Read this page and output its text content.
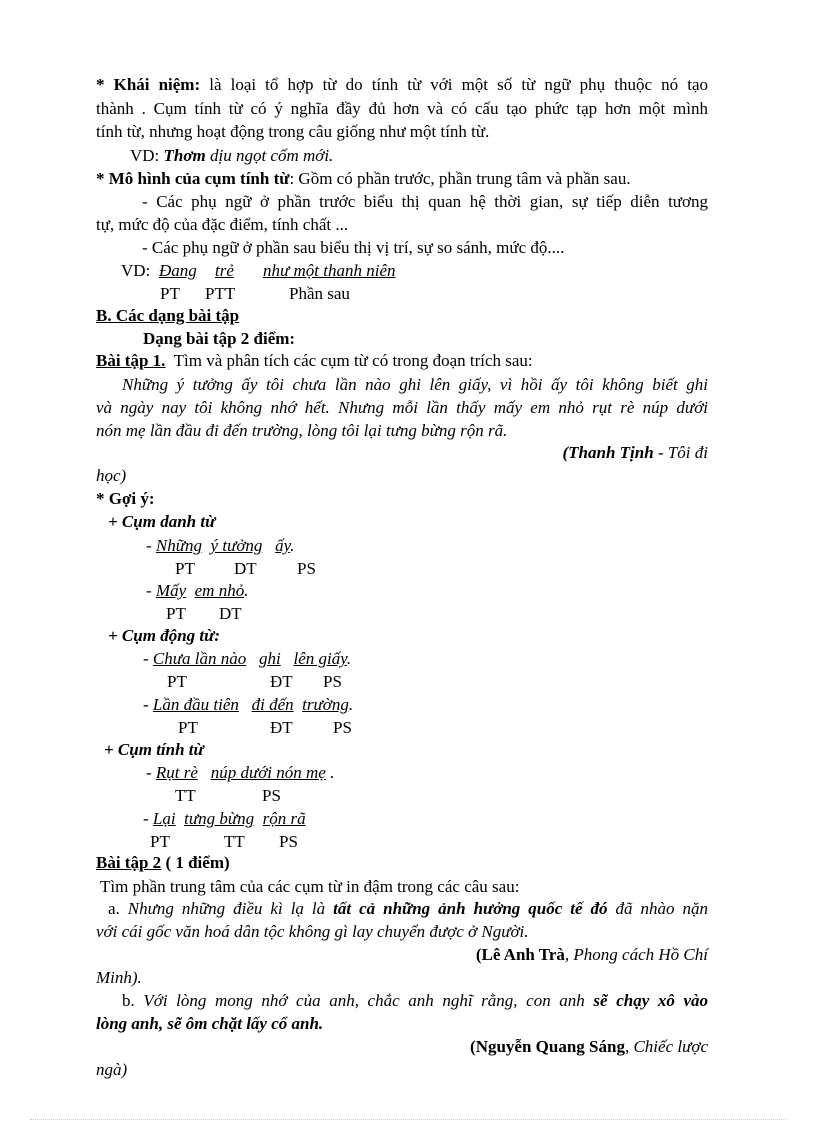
* Khái niệm: là loại tổ hợp từ do tính từ với một số từ ngữ phụ thuộc nó tạo
thành . Cụm tính từ có ý nghĩa đầy đủ hơn và có cấu tạo phức tạp hơn một mình
tính từ, nhưng hoạt động trong câu giống như một tính từ.
VD: Thơm dịu ngọt cốm mới.
* Mô hình của cụm tính từ: Gồm có phần trước, phần trung tâm và phần sau.
- Các phụ ngữ ở phần trước biểu thị quan hệ thời gian, sự tiếp diễn tương
tự, mức độ của đặc điểm, tính chất ...
- Các phụ ngữ ở phần sau biểu thị vị trí, sự so sánh, mức độ....
VD: Đang trẻ như một thanh niên
PT PTT	Phần sau
B. Các dạng bài tập
Dạng bài tập 2 điểm:
Bài tập 1. Tìm và phân tích các cụm từ có trong đoạn trích sau:
Những ý tưởng ấy tôi chưa lần nào ghi lên giấy, vì hồi ấy tôi không biết ghi
và ngày nay tôi không nhớ hết. Nhưng mỗi lần thấy mấy em nhỏ rụt rè núp dưới
nón mẹ lần đầu đi đến trường, lòng tôi lại tưng bừng rộn rã.
(Thanh Tịnh - Tôi đi
học)
* Gợi ý:
+ Cụm danh từ
- Những ý tưởng ấy.
PT DT PS
- Mấy em nhỏ.
PT DT
+ Cụm động từ:
- Chưa lần nào ghi lên giấy.
PT	ĐT PS
- Lần đầu tiên đi đến trường.
PT	ĐT PS
+ Cụm tính từ
- Rụt rè núp dưới nón mẹ .
TT	PS
- Lại tưng bừng rộn rã
PT	TT PS
Bài tập 2 ( 1 điểm)
Tìm phần trung tâm của các cụm từ in đậm trong các câu sau:
a. Nhưng những điều kì lạ là tất cả những ảnh hưởng quốc tế đó đã nhào nặn
với cái gốc văn hoá dân tộc không gì lay chuyển được ở Người.
(Lê Anh Trà, Phong cách Hồ Chí
Minh).
b. Với lòng mong nhớ của anh, chắc anh nghĩ rằng, con anh sẽ chạy xô vào
lòng anh, sẽ ôm chặt lấy cổ anh.
(Nguyễn Quang Sáng, Chiếc lược
ngà)
